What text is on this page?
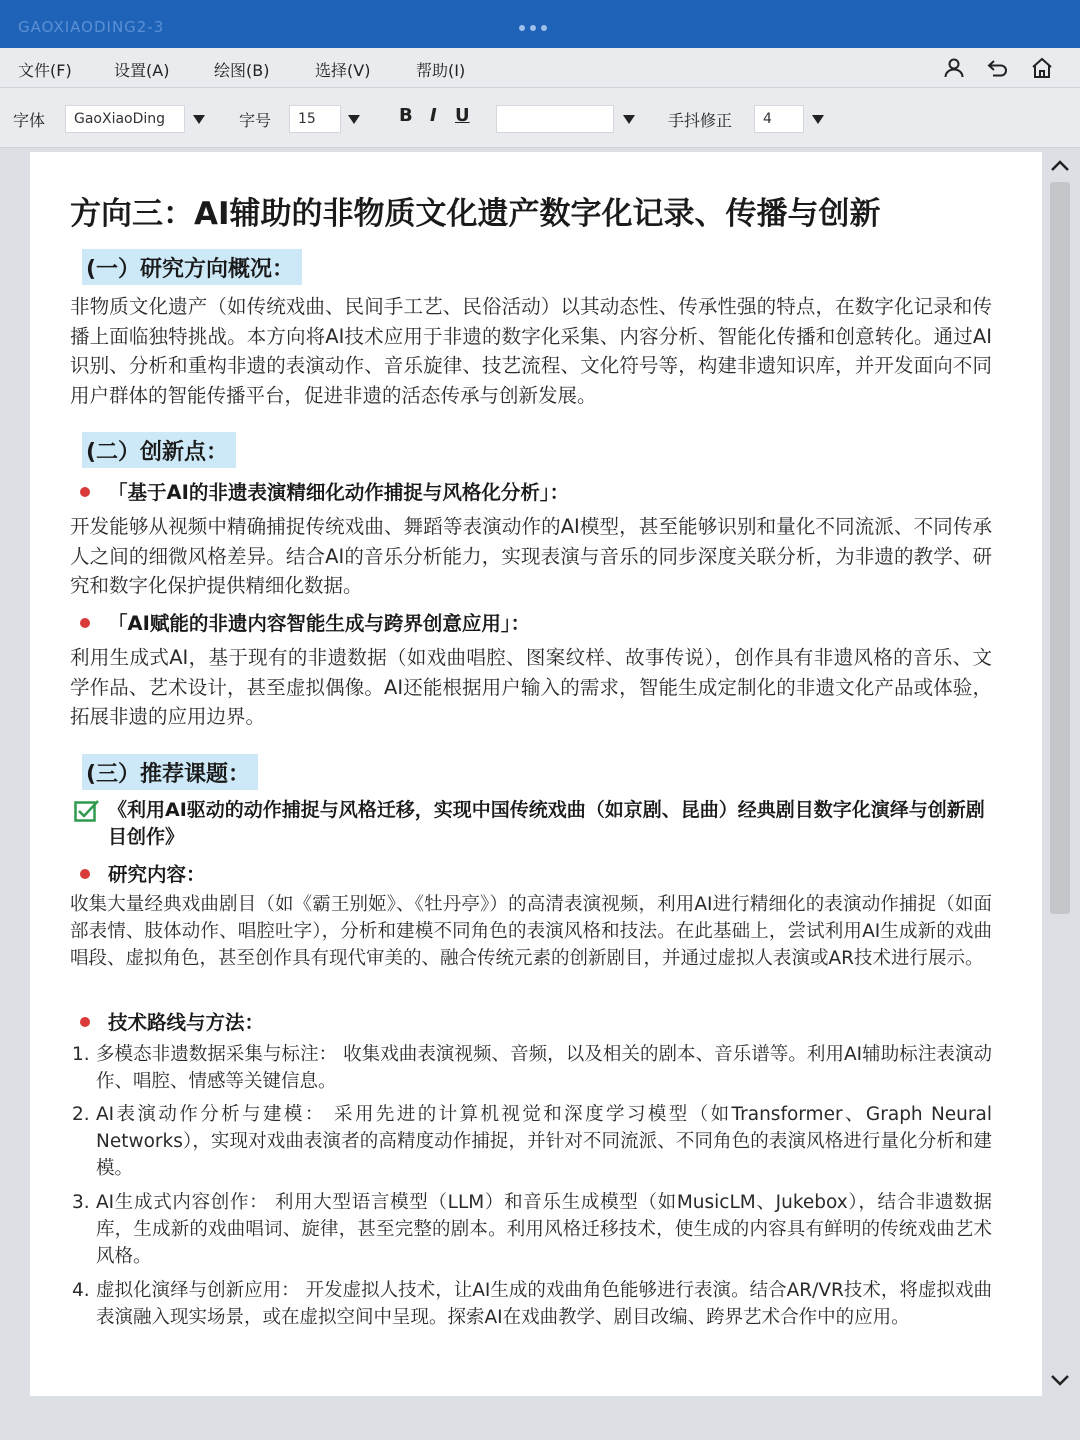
GAOXIAODING2-3
文件(F)	设置(A)	绘图(B)	选择(V)	帮助(I)
字体	GaoXiaoDing	字号	15	B I U	手抖修正	4
方向三：AI辅助的非物质文化遗产数字化记录、传播与创新
(一）研究方向概况：
非物质文化遗产（如传统戏曲、民间手工艺、民俗活动）以其动态性、传承性强的特点，在数字化记录和传播上面临独特挑战。本方向将AI技术应用于非遗的数字化采集、内容分析、智能化传播和创意转化。通过AI识别、分析和重构非遗的表演动作、音乐旋律、技艺流程、文化符号等，构建非遗知识库，并开发面向不同用户群体的智能传播平台，促进非遗的活态传承与创新发展。
(二）创新点：
「基于AI的非遗表演精细化动作捕捉与风格化分析」：
开发能够从视频中精确捕捉传统戏曲、舞蹈等表演动作的AI模型，甚至能够识别和量化不同流派、不同传承人之间的细微风格差异。结合AI的音乐分析能力，实现表演与音乐的同步深度关联分析，为非遗的教学、研究和数字化保护提供精细化数据。
「AI赋能的非遗内容智能生成与跨界创意应用」：
利用生成式AI，基于现有的非遗数据（如戏曲唱腔、图案纹样、故事传说），创作具有非遗风格的音乐、文学作品、艺术设计，甚至虚拟偶像。AI还能根据用户输入的需求，智能生成定制化的非遗文化产品或体验，拓展非遗的应用边界。
(三）推荐课题：
《利用AI驱动的动作捕捉与风格迁移，实现中国传统戏曲（如京剧、昆曲）经典剧目数字化演绎与创新剧目创作》
研究内容：
收集大量经典戏曲剧目（如《霸王别姬》、《牡丹亭》）的高清表演视频，利用AI进行精细化的表演动作捕捉（如面部表情、肢体动作、唱腔吐字），分析和建模不同角色的表演风格和技法。在此基础上，尝试利用AI生成新的戏曲唱段、虚拟角色，甚至创作具有现代审美的、融合传统元素的创新剧目，并通过虚拟人表演或AR技术进行展示。
技术路线与方法：
1. 多模态非遗数据采集与标注： 收集戏曲表演视频、音频，以及相关的剧本、音乐谱等。利用AI辅助标注表演动作、唱腔、情感等关键信息。
2. AI表演动作分析与建模： 采用先进的计算机视觉和深度学习模型（如Transformer、Graph Neural Networks），实现对戏曲表演者的高精度动作捕捉，并针对不同流派、不同角色的表演风格进行量化分析和建模。
3. AI生成式内容创作： 利用大型语言模型（LLM）和音乐生成模型（如MusicLM、Jukebox），结合非遗数据库，生成新的戏曲唱词、旋律，甚至完整的剧本。利用风格迁移技术，使生成的内容具有鲜明的传统戏曲艺术风格。
4. 虚拟化演绎与创新应用： 开发虚拟人技术，让AI生成的戏曲角色能够进行表演。结合AR/VR技术，将虚拟戏曲表演融入现实场景，或在虚拟空间中呈现。探索AI在戏曲教学、剧目改编、跨界艺术合作中的应用。
